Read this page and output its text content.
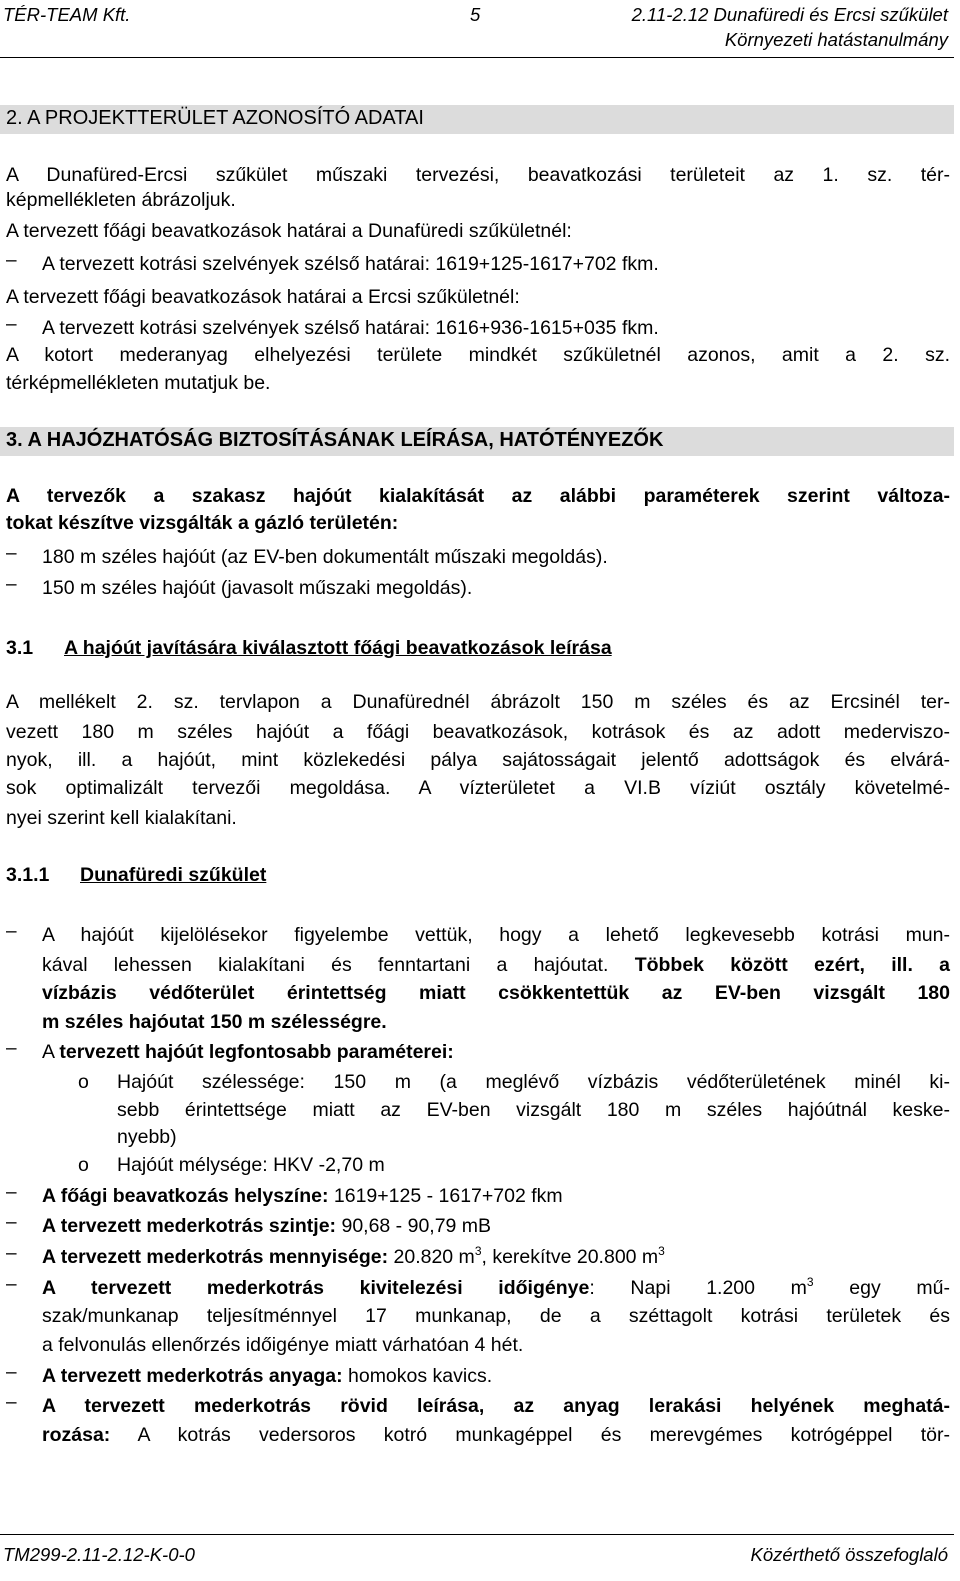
TÉR-TEAM Kft.	5	2.11-2.12 Dunafüredi és Ercsi szűkület
Környezeti hatástanulmány
2. A PROJEKTTERÜLET AZONOSÍTÓ ADATAI
A Dunafüred-Ercsi szűkület műszaki tervezési, beavatkozási területeit az 1. sz. tér-
képmellékleten ábrázoljuk.
A tervezett főági beavatkozások határai a Dunafüredi szűkületnél:
–
A tervezett kotrási szelvények szélső határai: 1619+125-1617+702 fkm.
A tervezett főági beavatkozások határai a Ercsi szűkületnél:
–
A tervezett kotrási szelvények szélső határai: 1616+936-1615+035 fkm.
A kotort mederanyag elhelyezési területe mindkét szűkületnél azonos, amit a 2. sz.
térképmellékleten mutatjuk be.
3. A HAJÓZHATÓSÁG BIZTOSÍTÁSÁNAK LEÍRÁSA, HATÓTÉNYEZŐK
A tervezők a szakasz hajóút kialakítását az alábbi paraméterek szerint változa-
tokat készítve vizsgálták a gázló területén:
–
180 m széles hajóút (az EV-ben dokumentált műszaki megoldás).
–
150 m széles hajóút (javasolt műszaki megoldás).
3.1 A hajóút javítására kiválasztott főági beavatkozások leírása
A mellékelt 2. sz. tervlapon a Dunafürednél ábrázolt 150 m széles és az Ercsinél ter-
vezett 180 m széles hajóút a főági beavatkozások, kotrások és az adott mederviszo-
nyok, ill. a hajóút, mint közlekedési pálya sajátosságait jelentő adottságok és elvárá-
sok optimalizált tervezői megoldása. A vízterületet a VI.B víziút osztály követelmé-
nyei szerint kell kialakítani.
3.1.1 Dunafüredi szűkület
–
A hajóút kijelölésekor figyelembe vettük, hogy a lehető legkevesebb kotrási mun-
kával lehessen kialakítani és fenntartani a hajóutat. Többek között ezért, ill. a
vízbázis védőterület érintettség miatt csökkentettük az EV-ben vizsgált 180
m széles hajóutat 150 m szélességre.
–
A tervezett hajóút legfontosabb paraméterei:
o Hajóút szélessége: 150 m (a meglévő vízbázis védőterületének minél ki-
sebb érintettsége miatt az EV-ben vizsgált 180 m széles hajóútnál keske-
nyebb)
o Hajóút mélysége: HKV -2,70 m
–
A főági beavatkozás helyszíne: 1619+125 - 1617+702 fkm
–
A tervezett mederkotrás szintje: 90,68 - 90,79 mB
–
A tervezett mederkotrás mennyisége: 20.820 $m^3$, kerekítve 20.800 $m^3$
–
A tervezett mederkotrás kivitelezési időigénye: Napi 1.200 $m^3$ egy mű-
szak/munkanap teljesítménnyel 17 munkanap, de a széttagolt kotrási területek és
a felvonulás ellenőrzés időigénye miatt várhatóan 4 hét.
–
A tervezett mederkotrás anyaga: homokos kavics.
–
A tervezett mederkotrás rövid leírása, az anyag lerakási helyének meghatá-
rozása: A kotrás vedersoros kotró munkagéppel és merevgémes kotrógéppel tör-
TM299-2.11-2.12-K-0-0	Közérthető összefoglaló
